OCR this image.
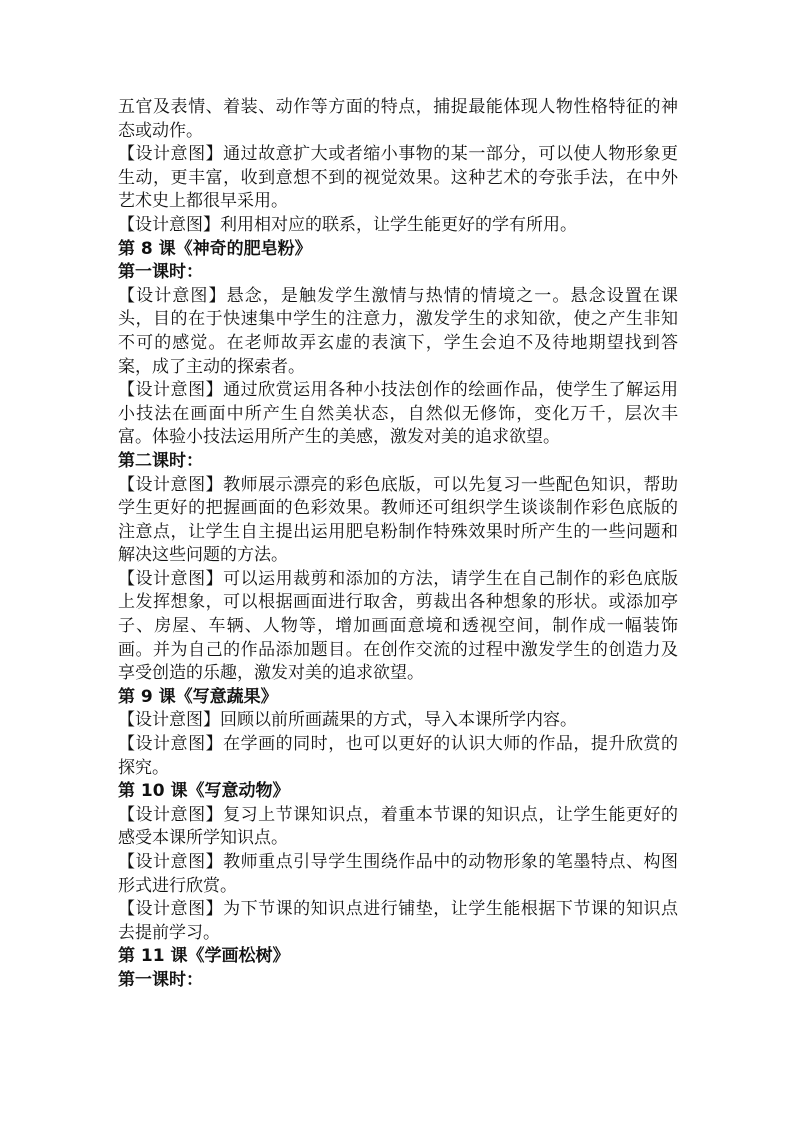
五官及表情、着装、动作等方面的特点，捕捉最能体现人物性格特征的神态或动作。

【设计意图】通过故意扩大或者缩小事物的某一部分，可以使人物形象更生动，更丰富，收到意想不到的视觉效果。这种艺术的夸张手法，在中外艺术史上都很早采用。

【设计意图】利用相对应的联系，让学生能更好的学有所用。

第 8 课《神奇的肥皂粉》

第一课时：

【设计意图】悬念，是触发学生激情与热情的情境之一。悬念设置在课头，目的在于快速集中学生的注意力，激发学生的求知欲，使之产生非知不可的感觉。在老师故弄玄虚的表演下，学生会迫不及待地期望找到答案，成了主动的探索者。

【设计意图】通过欣赏运用各种小技法创作的绘画作品，使学生了解运用小技法在画面中所产生自然美状态，自然似无修饰，变化万千，层次丰富。体验小技法运用所产生的美感，激发对美的追求欲望。

第二课时：

【设计意图】教师展示漂亮的彩色底版，可以先复习一些配色知识，帮助学生更好的把握画面的色彩效果。教师还可组织学生谈谈制作彩色底版的注意点，让学生自主提出运用肥皂粉制作特殊效果时所产生的一些问题和解决这些问题的方法。

【设计意图】可以运用裁剪和添加的方法，请学生在自己制作的彩色底版上发挥想象，可以根据画面进行取舍，剪裁出各种想象的形状。或添加亭子、房屋、车辆、人物等，增加画面意境和透视空间，制作成一幅装饰画。并为自己的作品添加题目。在创作交流的过程中激发学生的创造力及享受创造的乐趣，激发对美的追求欲望。

第 9 课《写意蔬果》

【设计意图】回顾以前所画蔬果的方式，导入本课所学内容。

【设计意图】在学画的同时，也可以更好的认识大师的作品，提升欣赏的探究。

第 10 课《写意动物》

【设计意图】复习上节课知识点，着重本节课的知识点，让学生能更好的感受本课所学知识点。

【设计意图】教师重点引导学生围绕作品中的动物形象的笔墨特点、构图形式进行欣赏。

【设计意图】为下节课的知识点进行铺垫，让学生能根据下节课的知识点去提前学习。

第 11 课《学画松树》

第一课时：
